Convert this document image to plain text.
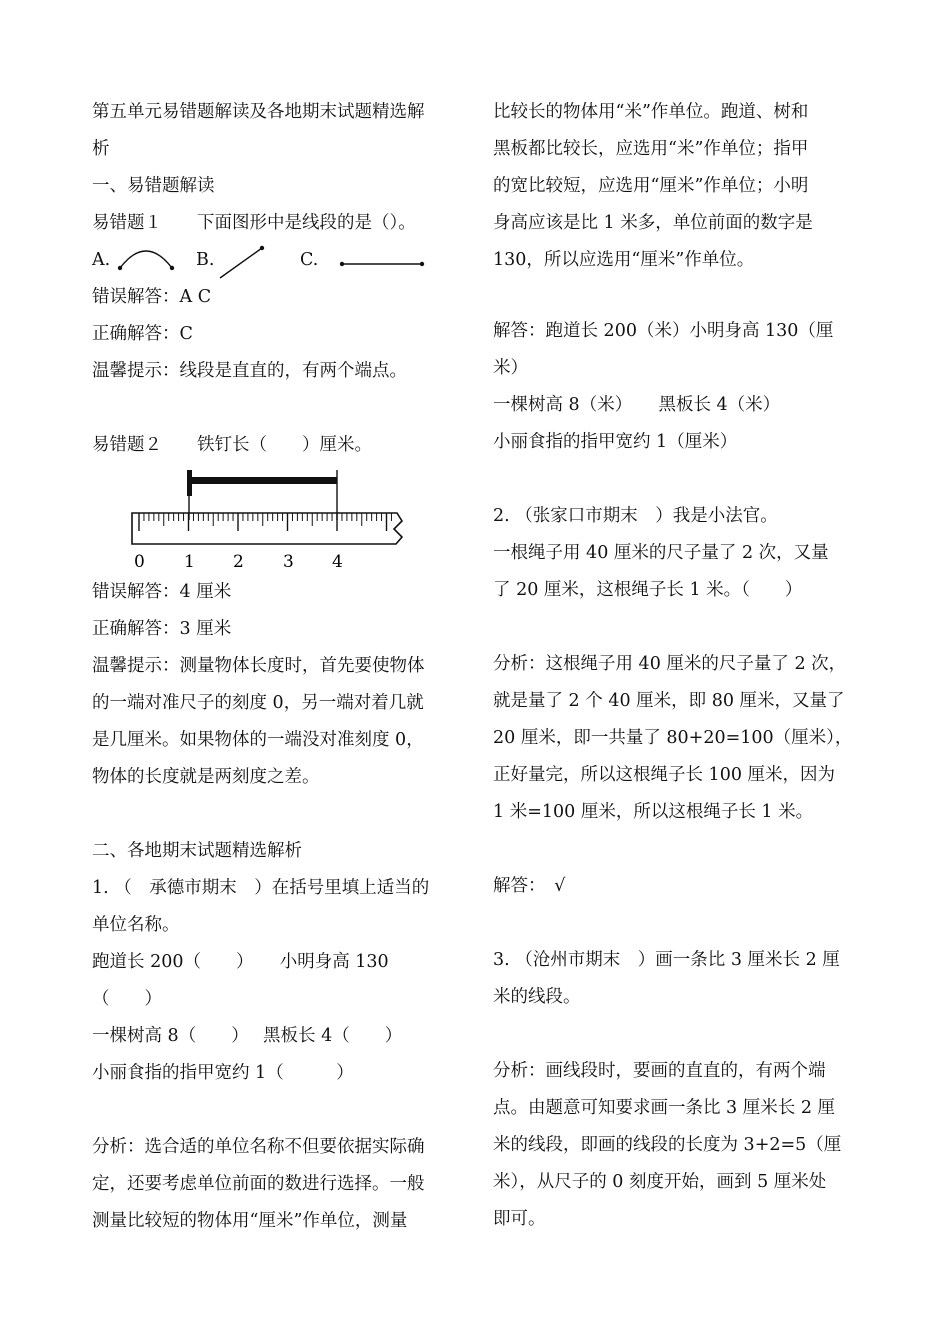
第五单元易错题解读及各地期末试题精选解

析

一、易错题解读

易错题１　　下面图形中是线段的是（）。

A.	B.	C.

错误解答：A C

正确解答：C

温馨提示：线段是直直的，有两个端点。

易错题２　　铁钉长（　　）厘米。

0 1 2 3 4

错误解答：4 厘米

正确解答：3 厘米

温馨提示：测量物体长度时，首先要使物体

的一端对准尺子的刻度 0，另一端对着几就

是几厘米。如果物体的一端没对准刻度 0，

物体的长度就是两刻度之差。

二、各地期末试题精选解析

1. （　承德市期末　）在括号里填上适当的

单位名称。

跑道长 200（　　）　　小明身高 130

（　　）

一棵树高 8（　　）　 黑板长 4（　　）

小丽食指的指甲宽约 1（　　　）

分析：选合适的单位名称不但要依据实际确

定，还要考虑单位前面的数进行选择。一般

测量比较短的物体用“厘米”作单位，测量

比较长的物体用“米”作单位。跑道、树和

黑板都比较长，应选用“米”作单位；指甲

的宽比较短，应选用“厘米”作单位；小明

身高应该是比 1 米多，单位前面的数字是

130，所以应选用“厘米”作单位。

解答：跑道长 200（米）小明身高 130（厘

米）

一棵树高 8（米）　　黑板长 4（米）

小丽食指的指甲宽约 1（厘米）

2. （张家口市期末　）我是小法官。

一根绳子用 40 厘米的尺子量了 2 次，又量

了 20 厘米，这根绳子长 1 米。（　　）

分析：这根绳子用 40 厘米的尺子量了 2 次，

就是量了 2 个 40 厘米，即 80 厘米，又量了

20 厘米，即一共量了 80+20=100（厘米），

正好量完，所以这根绳子长 100 厘米，因为

1 米=100 厘米，所以这根绳子长 1 米。

解答：　√

3. （沧州市期末　）画一条比 3 厘米长 2 厘

米的线段。

分析：画线段时，要画的直直的，有两个端

点。由题意可知要求画一条比 3 厘米长 2 厘

米的线段，即画的线段的长度为 3+2=5（厘

米），从尺子的 0 刻度开始，画到 5 厘米处

即可。
